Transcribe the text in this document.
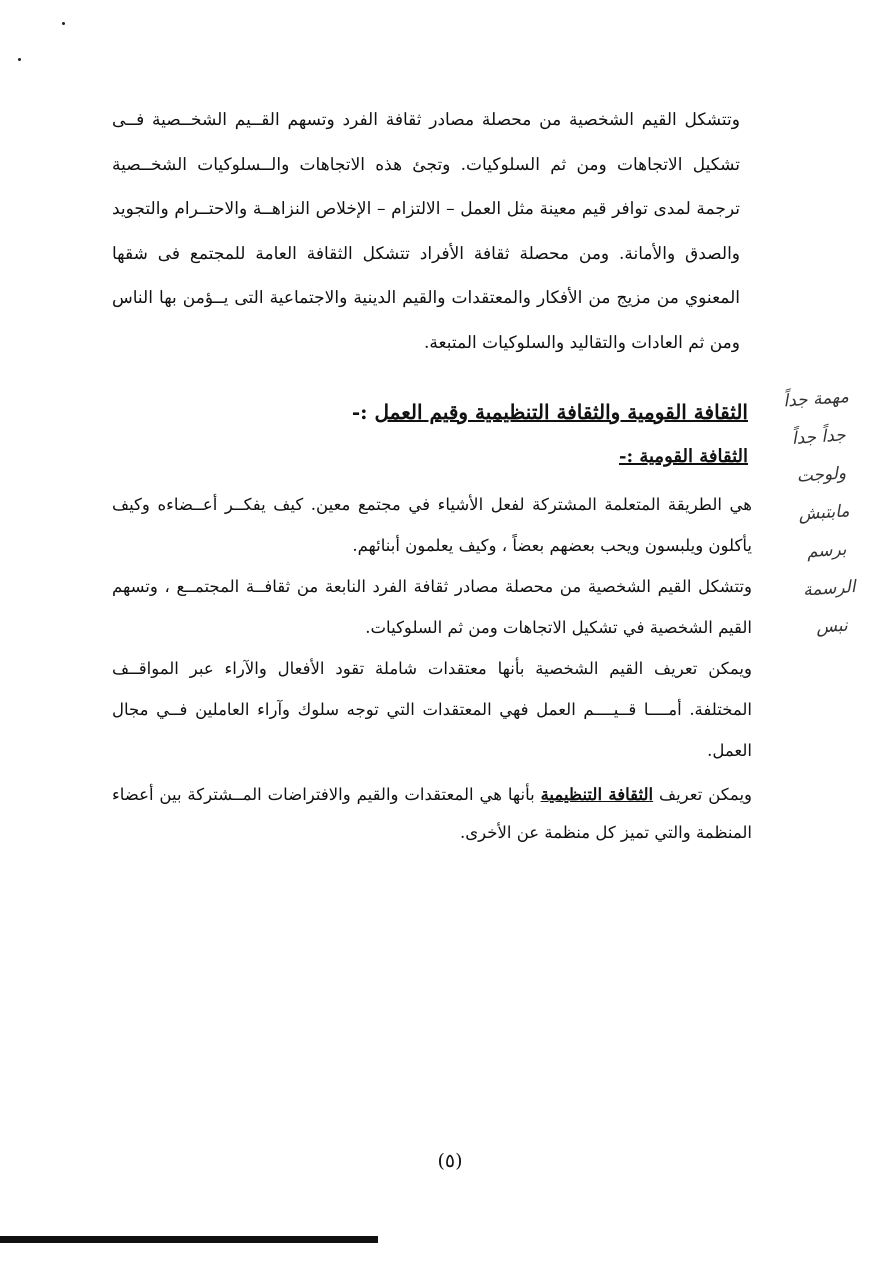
وتتشكل القيم الشخصية من محصلة مصادر ثقافة الفرد وتسهم القــيم الشخــصية فــى تشكيل الاتجاهات ومن ثم السلوكيات. وتجئ هذه الاتجاهات والــسلوكيات الشخــصية ترجمة لمدى توافر قيم معينة مثل العمل – الالتزام – الإخلاص النزاهــة والاحتــرام والتجويد والصدق والأمانة. ومن محصلة ثقافة الأفراد تتشكل الثقافة العامة للمجتمع فى شقها المعنوي من مزيج من الأفكار والمعتقدات والقيم الدينية والاجتماعية التى يــؤمن بها الناس ومن ثم العادات والتقاليد والسلوكيات المتبعة.

الثقافة القومية والثقافة التنظيمية وقيم العمل :-
الثقافة القومية :-

هي الطريقة المتعلمة المشتركة لفعل الأشياء في مجتمع معين. كيف يفكــر أعــضاءه وكيف يأكلون ويلبسون ويحب بعضهم بعضاً ، وكيف يعلمون أبنائهم.

وتتشكل القيم الشخصية من محصلة مصادر ثقافة الفرد النابعة من ثقافــة المجتمــع ، وتسهم القيم الشخصية في تشكيل الاتجاهات ومن ثم السلوكيات.

ويمكن تعريف القيم الشخصية بأنها معتقدات شاملة تقود الأفعال والآراء عبر المواقــف المختلفة. أمــــا قــيــــم العمل فهي المعتقدات التي توجه سلوك وآراء العاملين فــي مجال العمل.

ويمكن تعريف الثقافة التنظيمية بأنها هي المعتقدات والقيم والافتراضات المــشتركة بين أعضاء المنظمة والتي تميز كل منظمة عن الأخرى.

مهمة جداً
جداً جداً
ولوجت
مابتبش
برسم
الرسمة
نبس
(٥)
